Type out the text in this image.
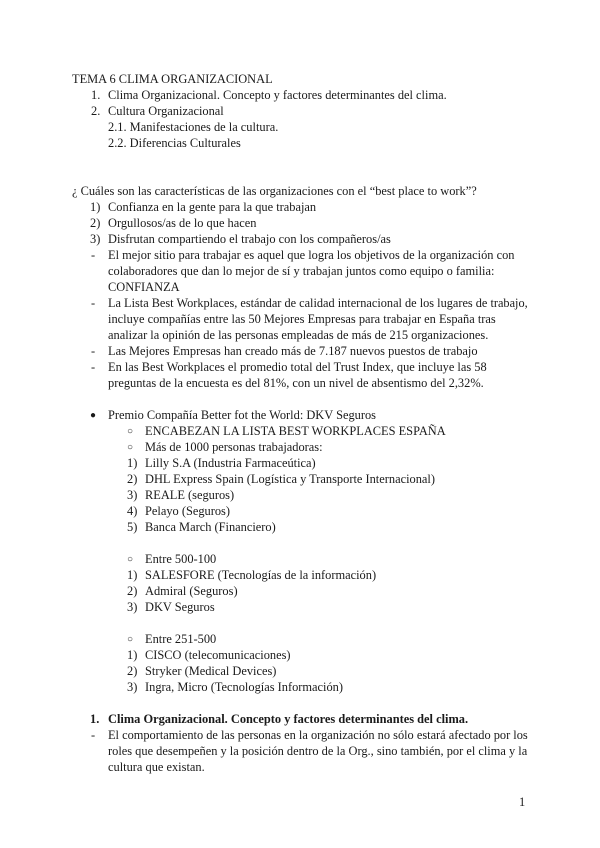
TEMA 6 CLIMA ORGANIZACIONAL
1. Clima Organizacional. Concepto y factores determinantes del clima.
2. Cultura Organizacional
2.1. Manifestaciones de la cultura.
2.2. Diferencias Culturales
¿ Cuáles son las características de las organizaciones con el “best place to work”?
1) Confianza en la gente para la que trabajan
2) Orgullosos/as de lo que hacen
3) Disfrutan compartiendo el trabajo con los compañeros/as
- El mejor sitio para trabajar es aquel que logra los objetivos de la organización con
colaboradores que dan lo mejor de sí y trabajan juntos como equipo o familia:
CONFIANZA
- La Lista Best Workplaces, estándar de calidad internacional de los lugares de trabajo,
incluye compañías entre las 50 Mejores Empresas para trabajar en España tras
analizar la opinión de las personas empleadas de más de 215 organizaciones.
- Las Mejores Empresas han creado más de 7.187 nuevos puestos de trabajo
- En las Best Workplaces el promedio total del Trust Index, que incluye las 58
preguntas de la encuesta es del 81%, con un nivel de absentismo del 2,32%.
● Premio Compañía Better fot the World: DKV Seguros
○ ENCABEZAN LA LISTA BEST WORKPLACES ESPAÑA
○ Más de 1000 personas trabajadoras:
1) Lilly S.A (Industria Farmaceútica)
2) DHL Express Spain (Logística y Transporte Internacional)
3) REALE (seguros)
4) Pelayo (Seguros)
5) Banca March (Financiero)
○ Entre 500-100
1) SALESFORE (Tecnologías de la información)
2) Admiral (Seguros)
3) DKV Seguros
○ Entre 251-500
1) CISCO (telecomunicaciones)
2) Stryker (Medical Devices)
3) Ingra, Micro (Tecnologías Información)
1. Clima Organizacional. Concepto y factores determinantes del clima.
- El comportamiento de las personas en la organización no sólo estará afectado por los
roles que desempeñen y la posición dentro de la Org., sino también, por el clima y la
cultura que existan.
1
